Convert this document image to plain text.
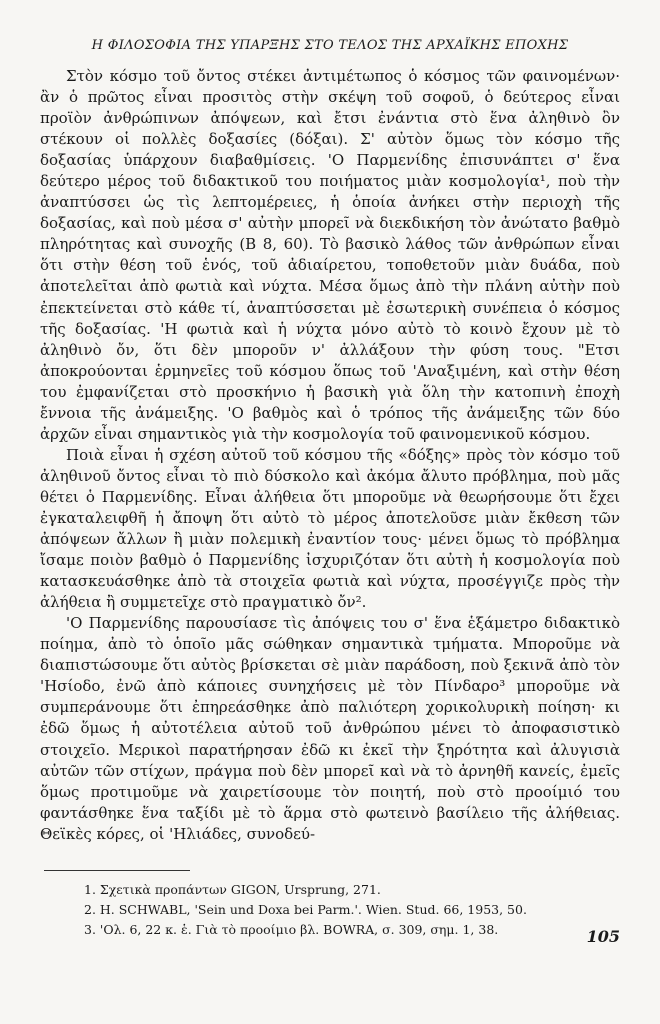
Η ΦΙΛΟΣΟΦΙΑ ΤΗΣ ΥΠΑΡΞΗΣ ΣΤΟ ΤΕΛΟΣ ΤΗΣ ΑΡΧΑΪΚΗΣ ΕΠΟΧΗΣ

Στὸν κόσμο τοῦ ὄντος στέκει ἀντιμέτωπος ὁ κόσμος τῶν φαινομένων· ἂν ὁ πρῶτος εἶναι προσιτὸς στὴν σκέψη τοῦ σοφοῦ, ὁ δεύτερος εἶναι προϊὸν ἀνθρώπινων ἀπόψεων, καὶ ἔτσι ἐνάντια στὸ ἕνα ἀληθινὸ ὂν στέκουν οἱ πολλὲς δοξασίες (δόξαι). Σ' αὐτὸν ὅμως τὸν κόσμο τῆς δοξασίας ὑπάρχουν διαβαθμίσεις. 'Ο Παρμενίδης ἐπισυνάπτει σ' ἕνα δεύτερο μέρος τοῦ διδακτικοῦ του ποιήματος μιὰν κοσμολογία¹, ποὺ τὴν ἀναπτύσσει ὡς τὶς λεπτομέρειες, ἡ ὁποία ἀνήκει στὴν περιοχὴ τῆς δοξασίας, καὶ ποὺ μέσα σ' αὐτὴν μπορεῖ νὰ διεκδικήση τὸν ἀνώτατο βαθμὸ πληρότητας καὶ συνοχῆς (Β 8, 60). Τὸ βασικὸ λάθος τῶν ἀνθρώπων εἶναι ὅτι στὴν θέση τοῦ ἑνός, τοῦ ἀδιαίρετου, τοποθετοῦν μιὰν δυάδα, ποὺ ἀποτελεῖται ἀπὸ φωτιὰ καὶ νύχτα. Μέσα ὅμως ἀπὸ τὴν πλάνη αὐτὴν ποὺ ἐπεκτείνεται στὸ κάθε τί, ἀναπτύσσεται μὲ ἐσωτερικὴ συνέπεια ὁ κόσμος τῆς δοξασίας. 'Η φωτιὰ καὶ ἡ νύχτα μόνο αὐτὸ τὸ κοινὸ ἔχουν μὲ τὸ ἀληθινὸ ὄν, ὅτι δὲν μποροῦν ν' ἀλλάξουν τὴν φύση τους. "Ετσι ἀποκρούονται ἑρμηνεῖες τοῦ κόσμου ὅπως τοῦ 'Αναξιμένη, καὶ στὴν θέση του ἐμφανίζεται στὸ προσκήνιο ἡ βασικὴ γιὰ ὅλη τὴν κατοπινὴ ἐποχὴ ἔννοια τῆς ἀνάμειξης. 'Ο βαθμὸς καὶ ὁ τρόπος τῆς ἀνάμειξης τῶν δύο ἀρχῶν εἶναι σημαντικὸς γιὰ τὴν κοσμολογία τοῦ φαινομενικοῦ κόσμου.

Ποιὰ εἶναι ἡ σχέση αὐτοῦ τοῦ κόσμου τῆς «δόξης» πρὸς τὸν κόσμο τοῦ ἀληθινοῦ ὄντος εἶναι τὸ πιὸ δύσκολο καὶ ἀκόμα ἄλυτο πρόβλημα, ποὺ μᾶς θέτει ὁ Παρμενίδης. Εἶναι ἀλήθεια ὅτι μποροῦμε νὰ θεωρήσουμε ὅτι ἔχει ἐγκαταλειφθῆ ἡ ἄποψη ὅτι αὐτὸ τὸ μέρος ἀποτελοῦσε μιὰν ἔκθεση τῶν ἀπόψεων ἄλλων ἢ μιὰν πολεμικὴ ἐναντίον τους· μένει ὅμως τὸ πρόβλημα ἴσαμε ποιὸν βαθμὸ ὁ Παρμενίδης ἰσχυριζόταν ὅτι αὐτὴ ἡ κοσμολογία ποὺ κατασκευάσθηκε ἀπὸ τὰ στοιχεῖα φωτιὰ καὶ νύχτα, προσέγγιζε πρὸς τὴν ἀλήθεια ἢ συμμετεῖχε στὸ πραγματικὸ ὄν².

'Ο Παρμενίδης παρουσίασε τὶς ἀπόψεις του σ' ἕνα ἑξάμετρο διδακτικὸ ποίημα, ἀπὸ τὸ ὁποῖο μᾶς σώθηκαν σημαντικὰ τμήματα. Μποροῦμε νὰ διαπιστώσουμε ὅτι αὐτὸς βρίσκεται σὲ μιὰν παράδοση, ποὺ ξεκινᾶ ἀπὸ τὸν 'Ησίοδο, ἐνῶ ἀπὸ κάποιες συνηχήσεις μὲ τὸν Πίνδαρο³ μποροῦμε νὰ συμπεράνουμε ὅτι ἐπηρεάσθηκε ἀπὸ παλιότερη χορικολυρικὴ ποίηση· κι ἐδῶ ὅμως ἡ αὐτοτέλεια αὐτοῦ τοῦ ἀνθρώπου μένει τὸ ἀποφασιστικὸ στοιχεῖο. Μερικοὶ παρατήρησαν ἐδῶ κι ἐκεῖ τὴν ξηρότητα καὶ ἀλυγισιὰ αὐτῶν τῶν στίχων, πράγμα ποὺ δὲν μπορεῖ καὶ νὰ τὸ ἀρνηθῆ κανείς, ἐμεῖς ὅμως προτιμοῦμε νὰ χαιρετίσουμε τὸν ποιητή, ποὺ στὸ προοίμιό του φαντάσθηκε ἕνα ταξίδι μὲ τὸ ἅρμα στὸ φωτεινὸ βασίλειο τῆς ἀλήθειας. Θεϊκὲς κόρες, οἱ 'Ηλιάδες, συνοδεύ-

1. Σχετικὰ προπάντων GIGON, Ursprung, 271.
2. H. SCHWABL, 'Sein und Doxa bei Parm.'. Wien. Stud. 66, 1953, 50.
3. 'Ολ. 6, 22 κ. ἑ. Γιὰ τὸ προοίμιο βλ. BOWRA, σ. 309, σημ. 1, 38.	105
